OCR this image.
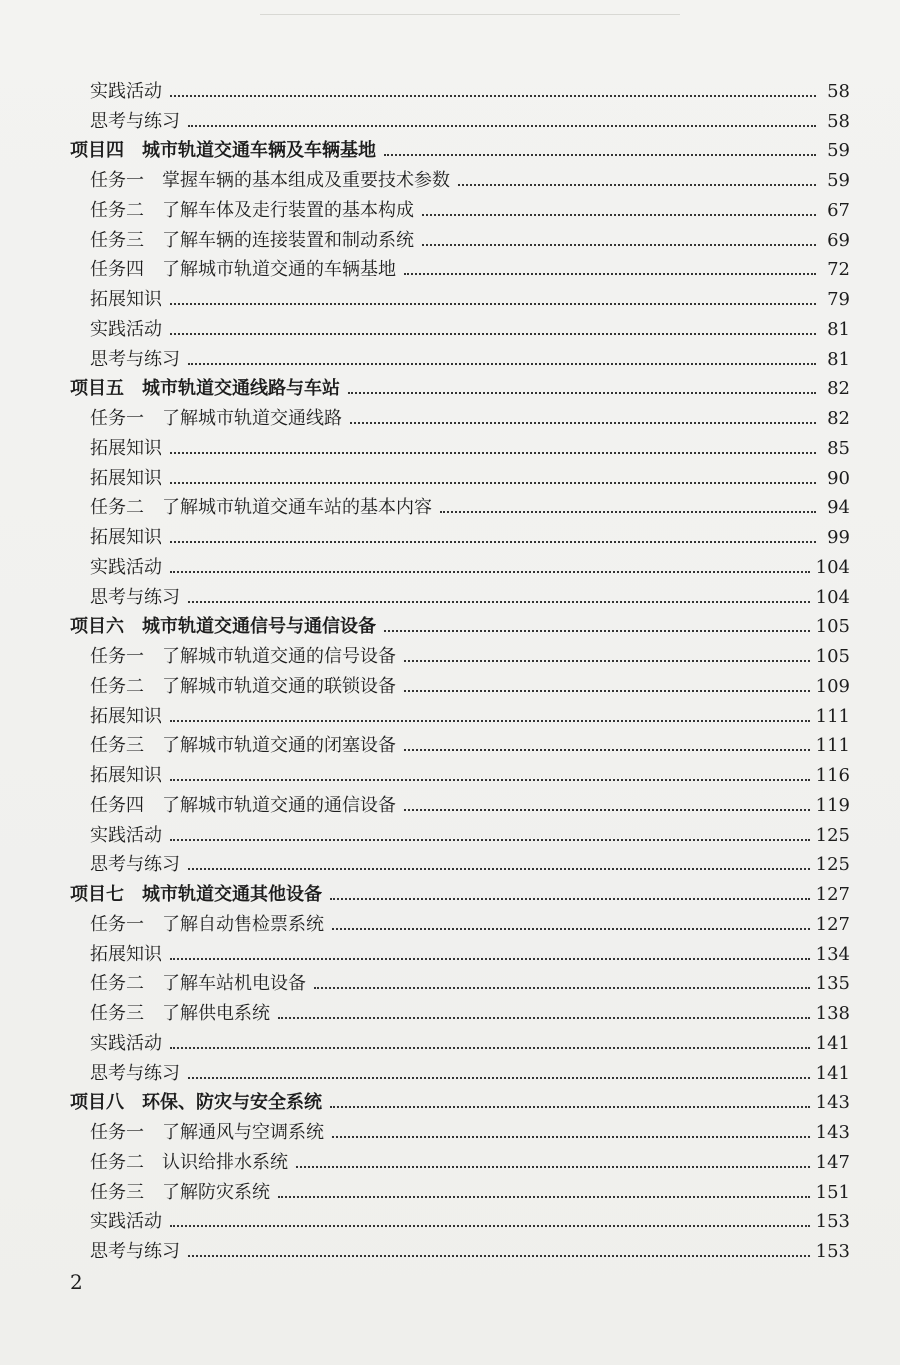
实践活动	58
思考与练习	58
项目四 城市轨道交通车辆及车辆基地	59
任务一 掌握车辆的基本组成及重要技术参数	59
任务二 了解车体及走行装置的基本构成	67
任务三 了解车辆的连接装置和制动系统	69
任务四 了解城市轨道交通的车辆基地	72
拓展知识	79
实践活动	81
思考与练习	81
项目五 城市轨道交通线路与车站	82
任务一 了解城市轨道交通线路	82
拓展知识	85
拓展知识	90
任务二 了解城市轨道交通车站的基本内容	94
拓展知识	99
实践活动	104
思考与练习	104
项目六 城市轨道交通信号与通信设备	105
任务一 了解城市轨道交通的信号设备	105
任务二 了解城市轨道交通的联锁设备	109
拓展知识	111
任务三 了解城市轨道交通的闭塞设备	111
拓展知识	116
任务四 了解城市轨道交通的通信设备	119
实践活动	125
思考与练习	125
项目七 城市轨道交通其他设备	127
任务一 了解自动售检票系统	127
拓展知识	134
任务二 了解车站机电设备	135
任务三 了解供电系统	138
实践活动	141
思考与练习	141
项目八 环保、防灾与安全系统	143
任务一 了解通风与空调系统	143
任务二 认识给排水系统	147
任务三 了解防灾系统	151
实践活动	153
思考与练习	153
2
